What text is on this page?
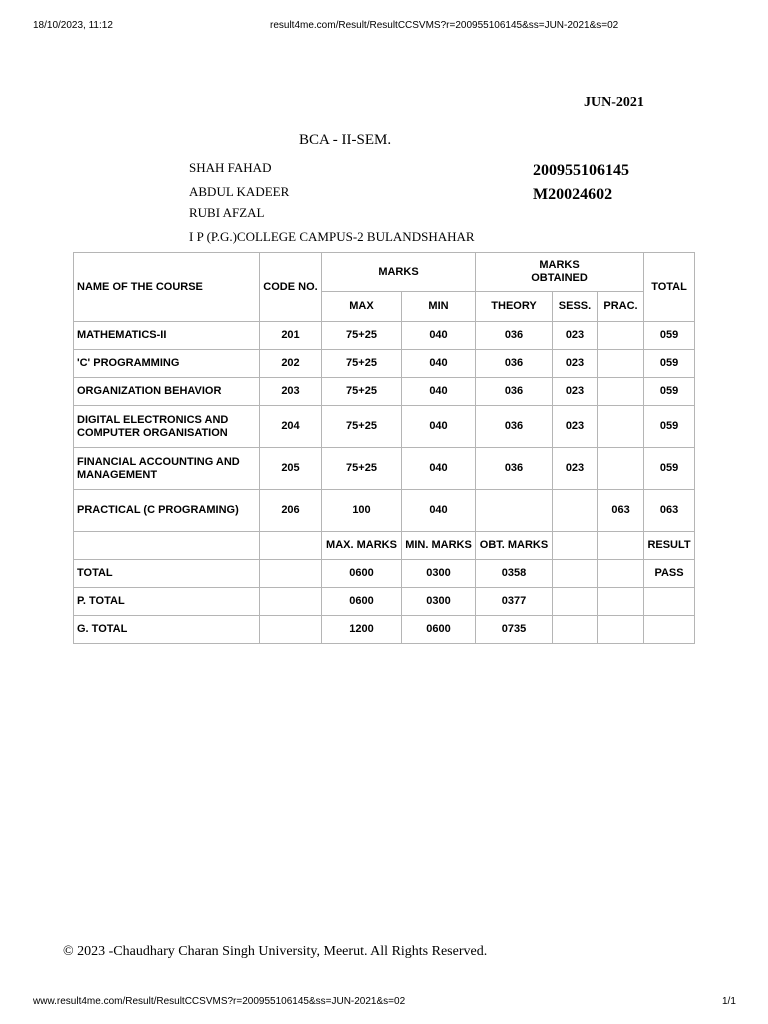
18/10/2023, 11:12	result4me.com/Result/ResultCCSVMS?r=200955106145&ss=JUN-2021&s=02
JUN-2021
BCA - II-SEM.
SHAH FAHAD
ABDUL KADEER
RUBI AFZAL
200955106145
M20024602
I P (P.G.)COLLEGE CAMPUS-2 BULANDSHAHAR
NAME OF THE COURSE	CODE NO.	MARKS		MARKS OBTAINED			TOTAL
		MAX	MIN	THEORY	SESS.	PRAC.	
MATHEMATICS-II	201	75+25	040	036	023		059
'C' PROGRAMMING	202	75+25	040	036	023		059
ORGANIZATION BEHAVIOR	203	75+25	040	036	023		059
DIGITAL ELECTRONICS AND COMPUTER ORGANISATION	204	75+25	040	036	023		059
FINANCIAL ACCOUNTING AND MANAGEMENT	205	75+25	040	036	023		059
PRACTICAL (C PROGRAMING)	206	100	040			063	063
		MAX. MARKS	MIN. MARKS	OBT. MARKS			RESULT
TOTAL		0600	0300	0358			PASS
P. TOTAL		0600	0300	0377			
G. TOTAL		1200	0600	0735			
© 2023 -Chaudhary Charan Singh University, Meerut. All Rights Reserved.
www.result4me.com/Result/ResultCCSVMS?r=200955106145&ss=JUN-2021&s=02	1/1
